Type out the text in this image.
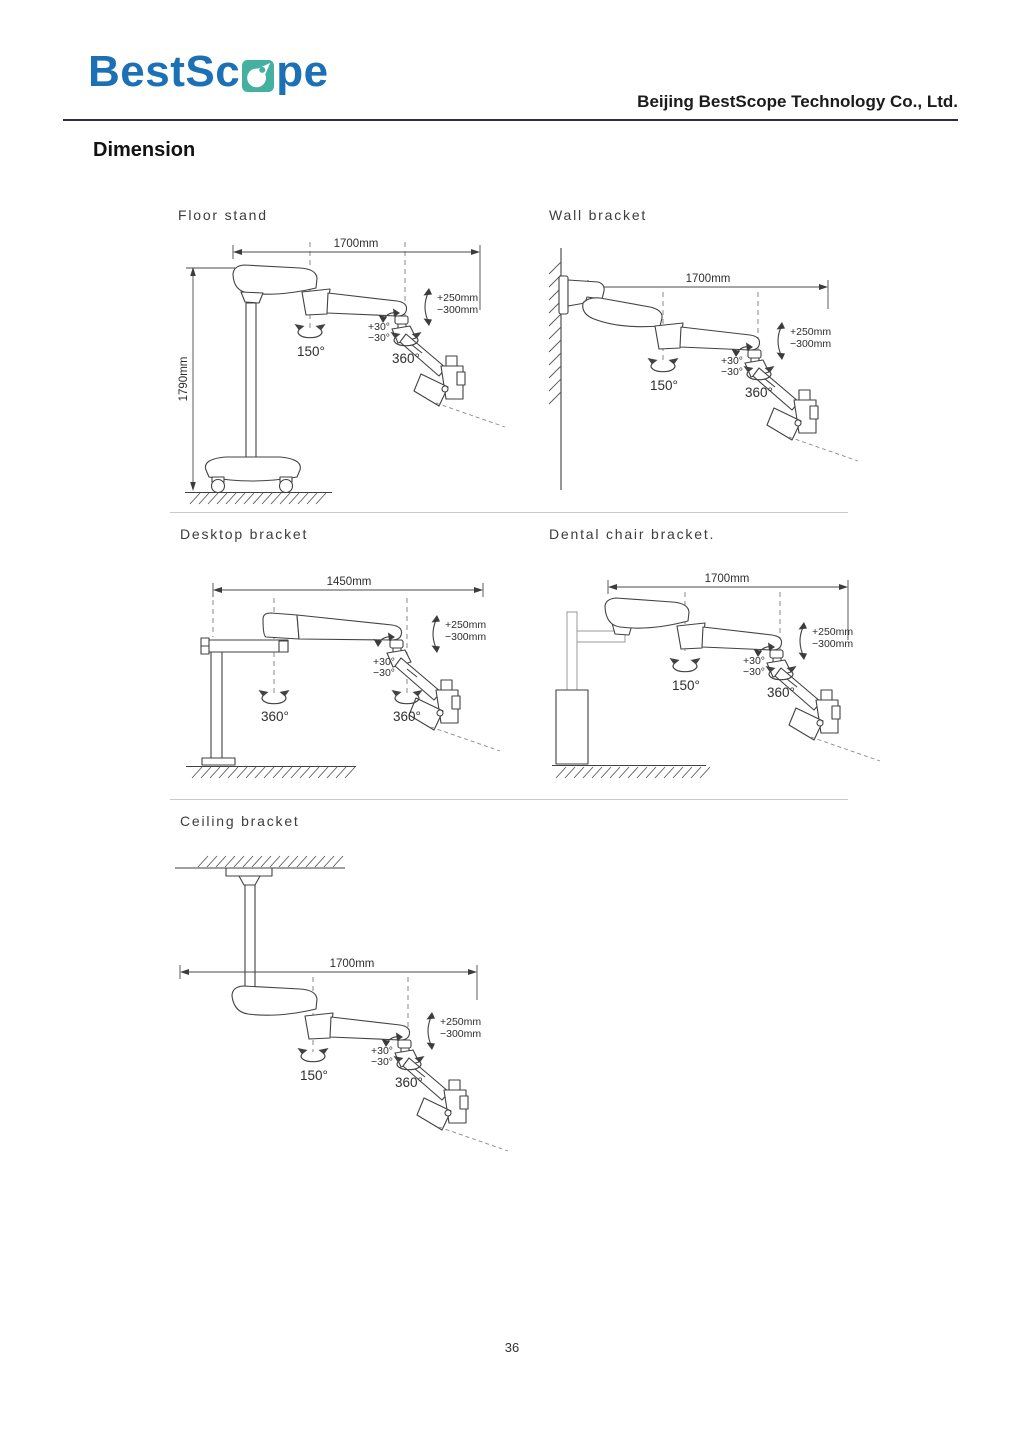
BestSc pe
Beijing BestScope Technology Co., Ltd.
Dimension
Floor stand	Wall bracket
Desktop bracket	Dental chair bracket.
Ceiling bracket
1700mm
1790mm
150°	360°
+30°
−30°
+250mm
−300mm
1700mm
150°	360°
+30°
−30°
+250mm
−300mm
1450mm
360°	360°
+30°
−30°
+250mm
−300mm
1700mm
150°	360°
+30°
−30°
+250mm
−300mm
1700mm
150°	360°
+30°
−30°
+250mm
−300mm
36
